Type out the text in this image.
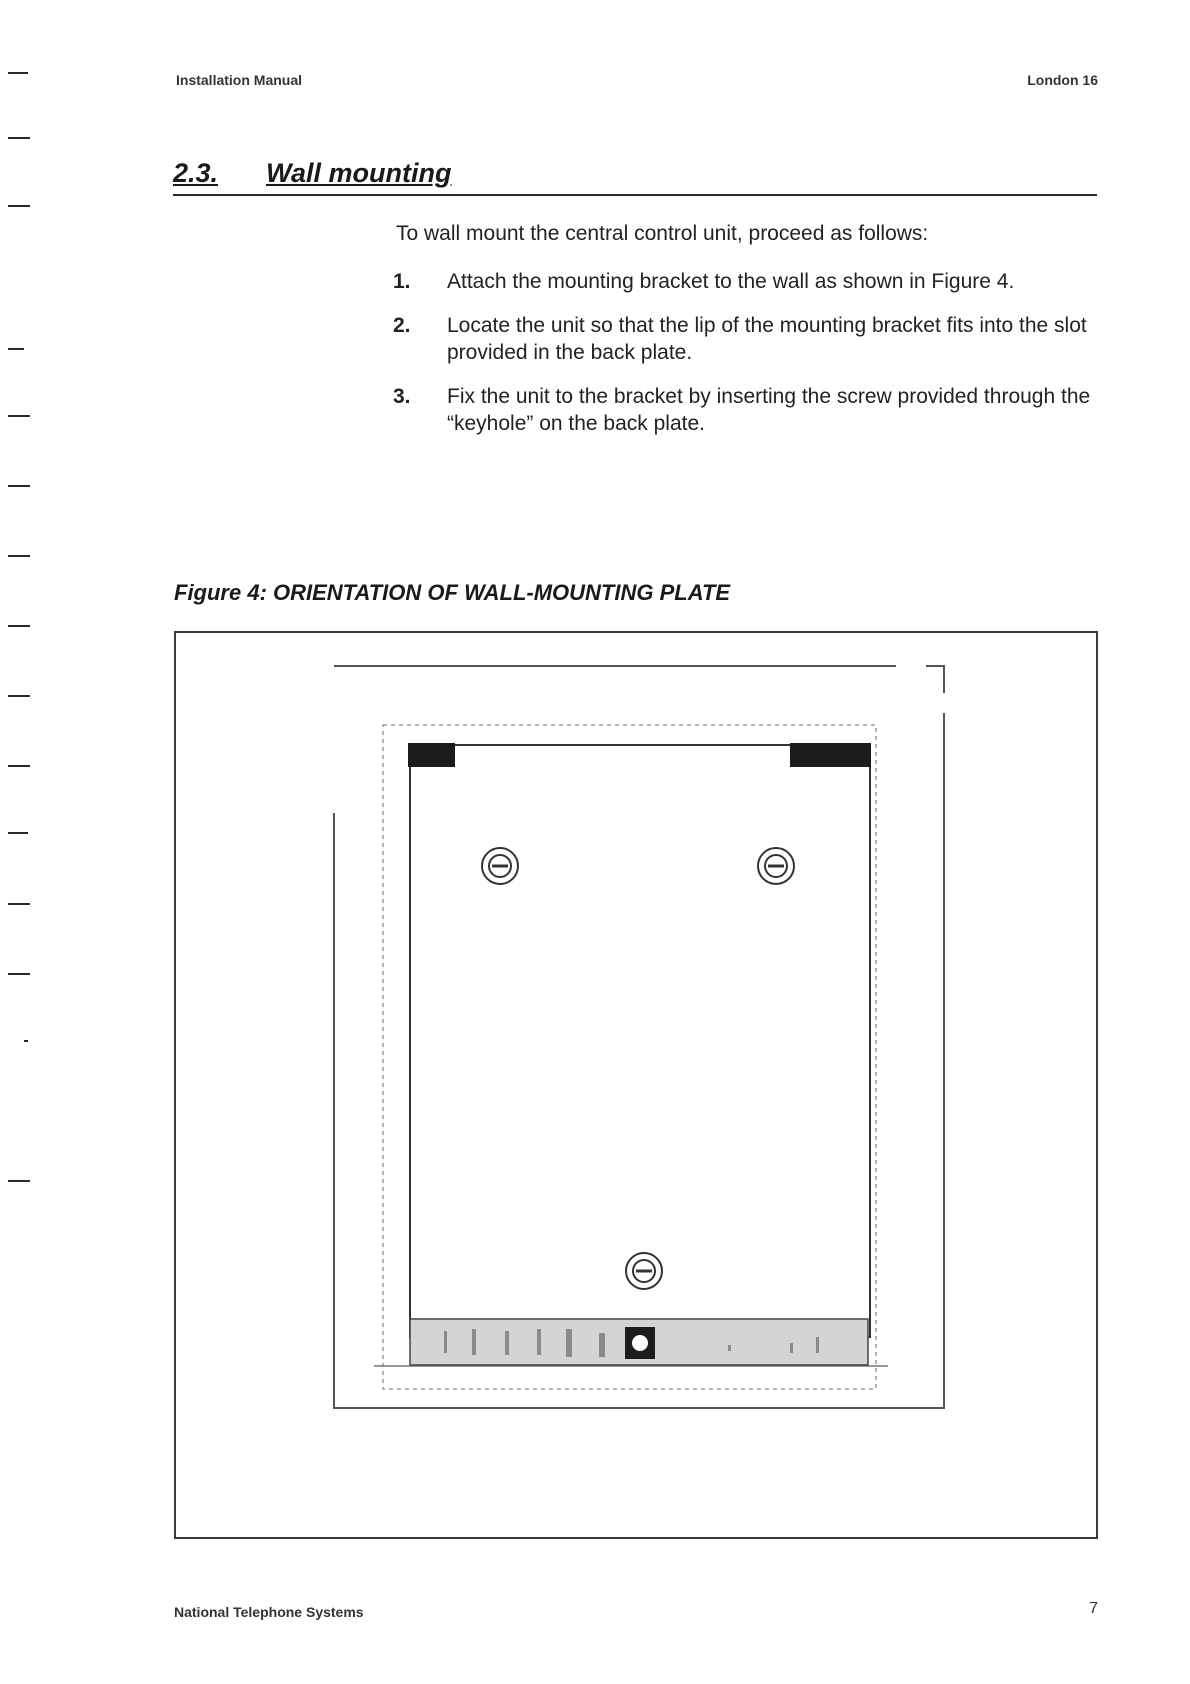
Installation Manual	London 16
2.3. Wall mounting
To wall mount the central control unit, proceed as follows:
1. Attach the mounting bracket to the wall as shown in Figure 4.
2. Locate the unit so that the lip of the mounting bracket fits into the slot provided in the back plate.
3. Fix the unit to the bracket by inserting the screw provided through the “keyhole” on the back plate.
Figure 4: ORIENTATION OF WALL-MOUNTING PLATE
National Telephone Systems	7
